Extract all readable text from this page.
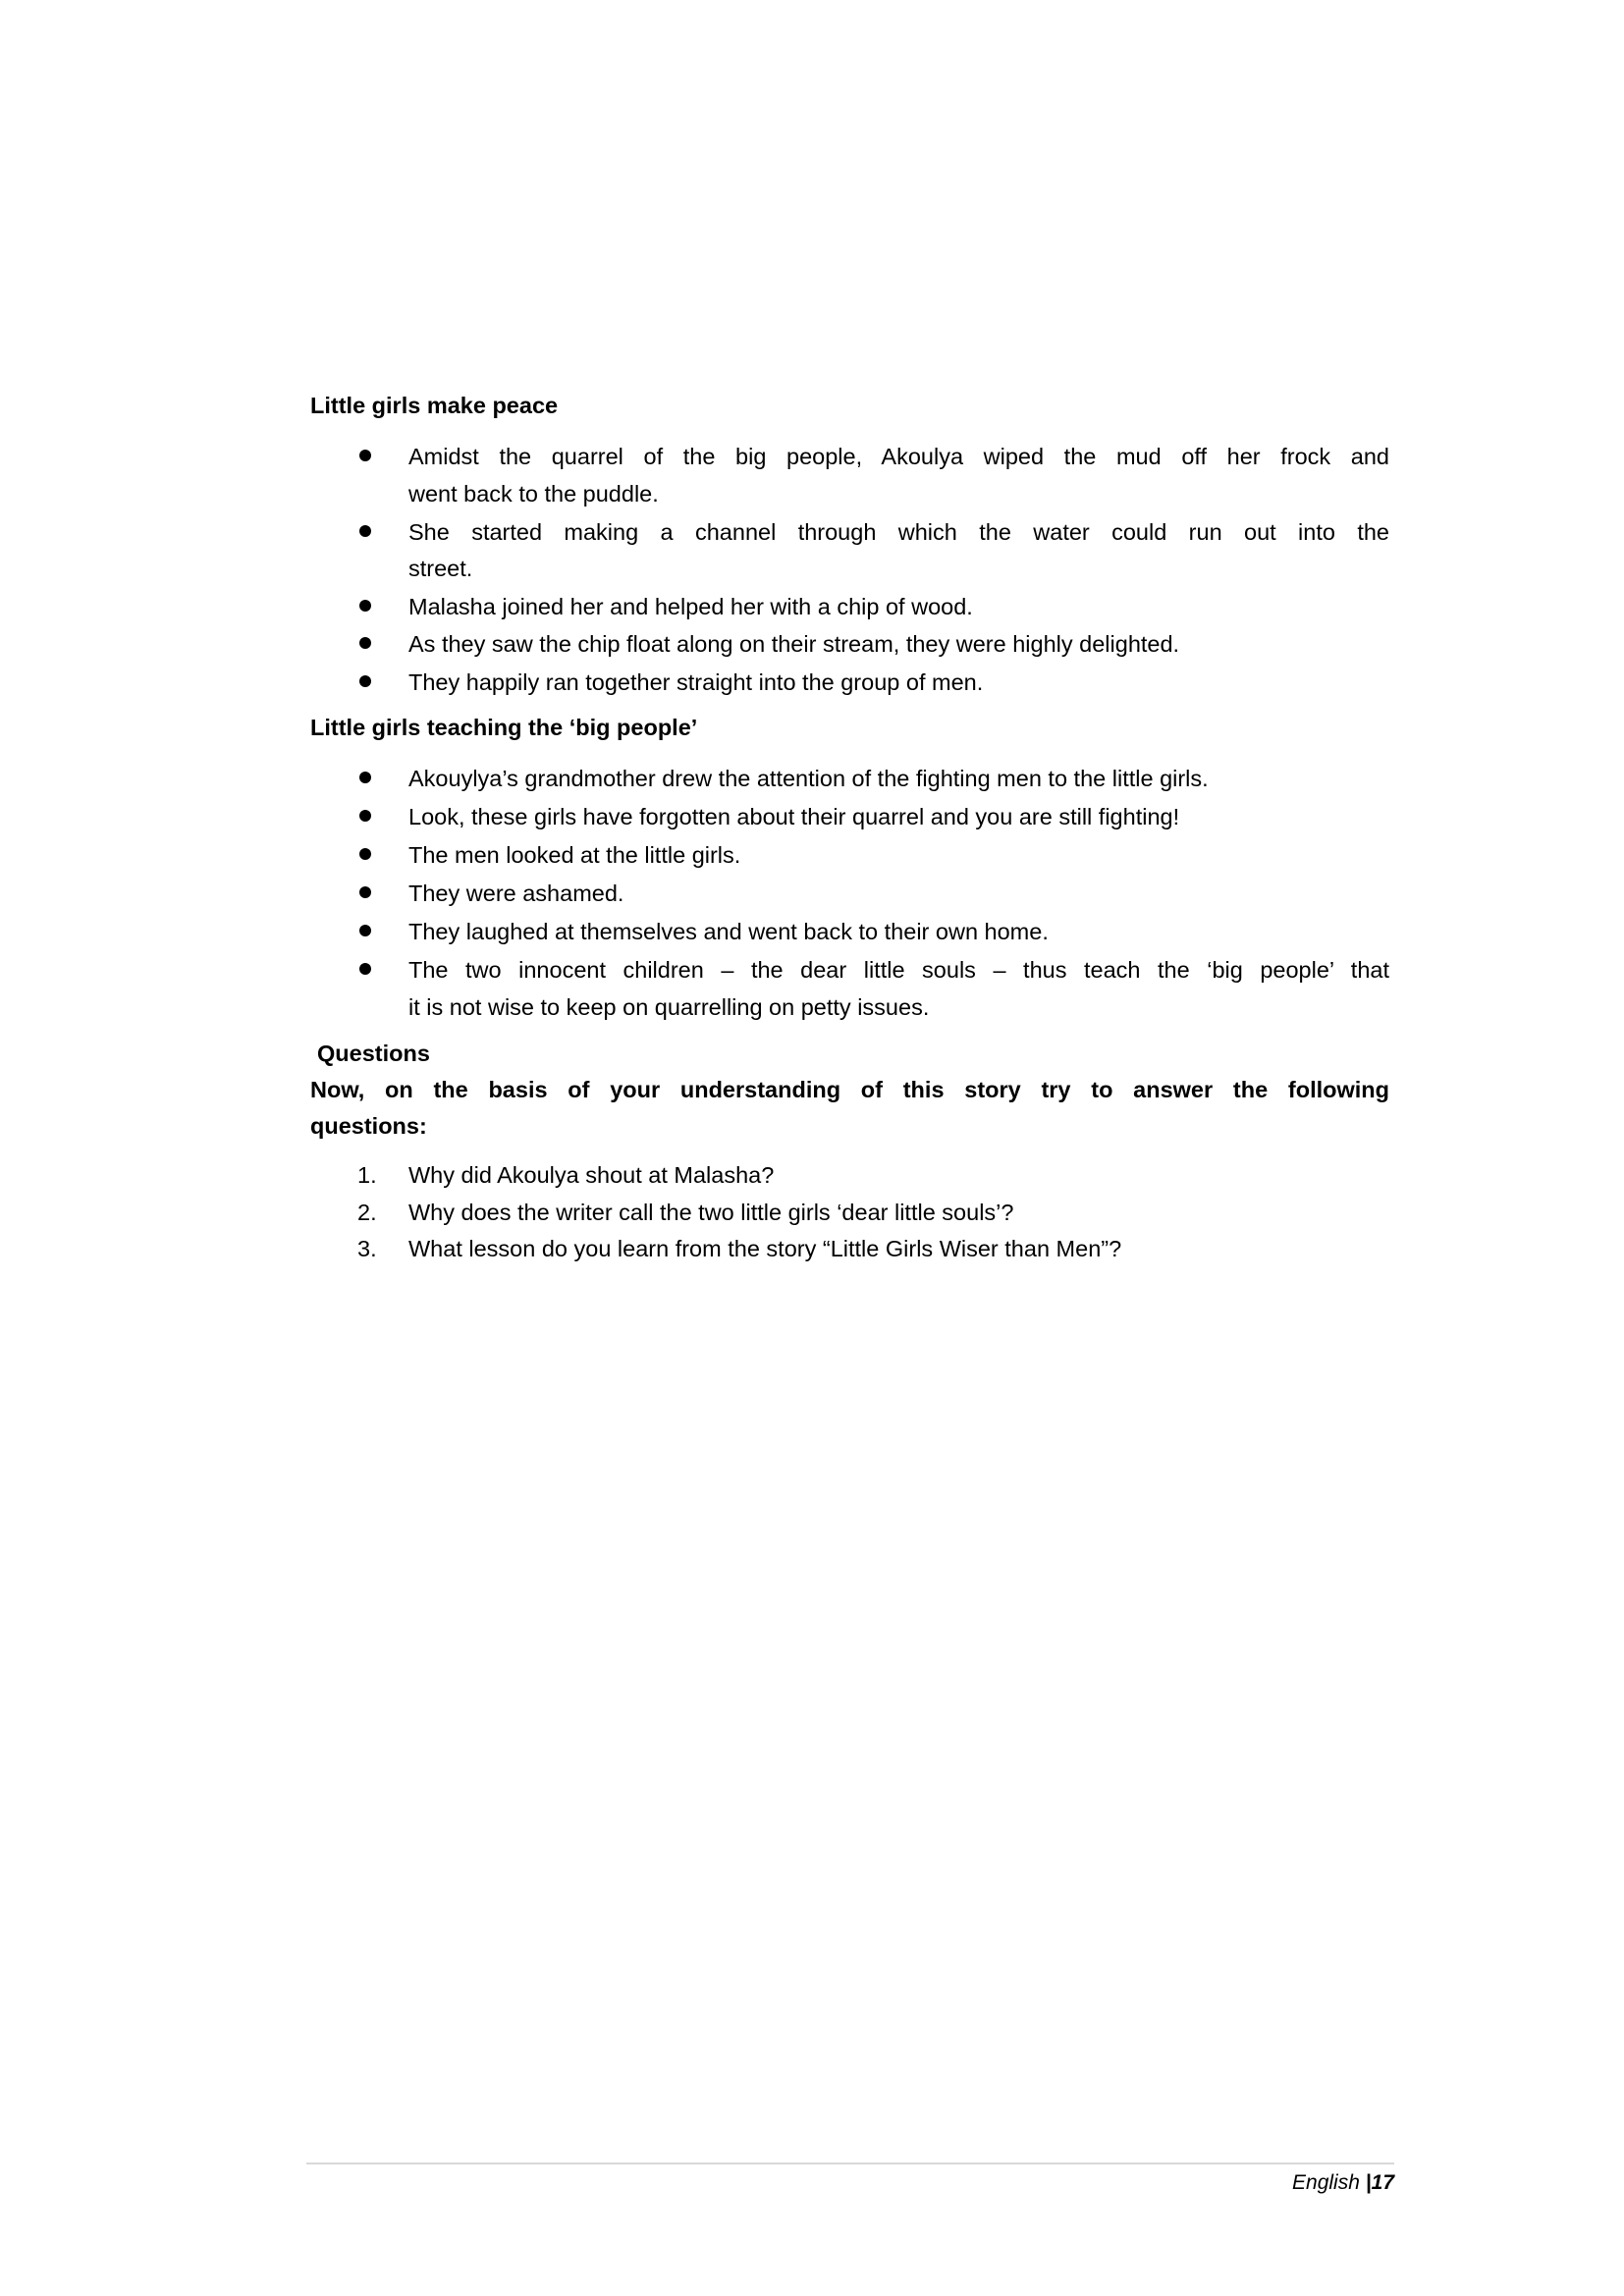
Little girls make peace
Amidst the quarrel of the big people, Akoulya wiped the mud off her frock and
went back to the puddle.
She started making a channel through which the water could run out into the
street.
Malasha joined her and helped her with a chip of wood.
As they saw the chip float along on their stream, they were highly delighted.
They happily ran together straight into the group of men.
Little girls teaching the ‘big people’
Akouylya’s grandmother drew the attention of the fighting men to the little girls.
Look, these girls have forgotten about their quarrel and you are still fighting!
The men looked at the little girls.
They were ashamed.
They laughed at themselves and went back to their own home.
The two innocent children – the dear little souls – thus teach the ‘big people’ that
it is not wise to keep on quarrelling on petty issues.
Questions
Now, on the basis of your understanding of this story try to answer the following
questions:
1. Why did Akoulya shout at Malasha?
2. Why does the writer call the two little girls ‘dear little souls’?
3. What lesson do you learn from the story “Little Girls Wiser than Men”?
English |17
